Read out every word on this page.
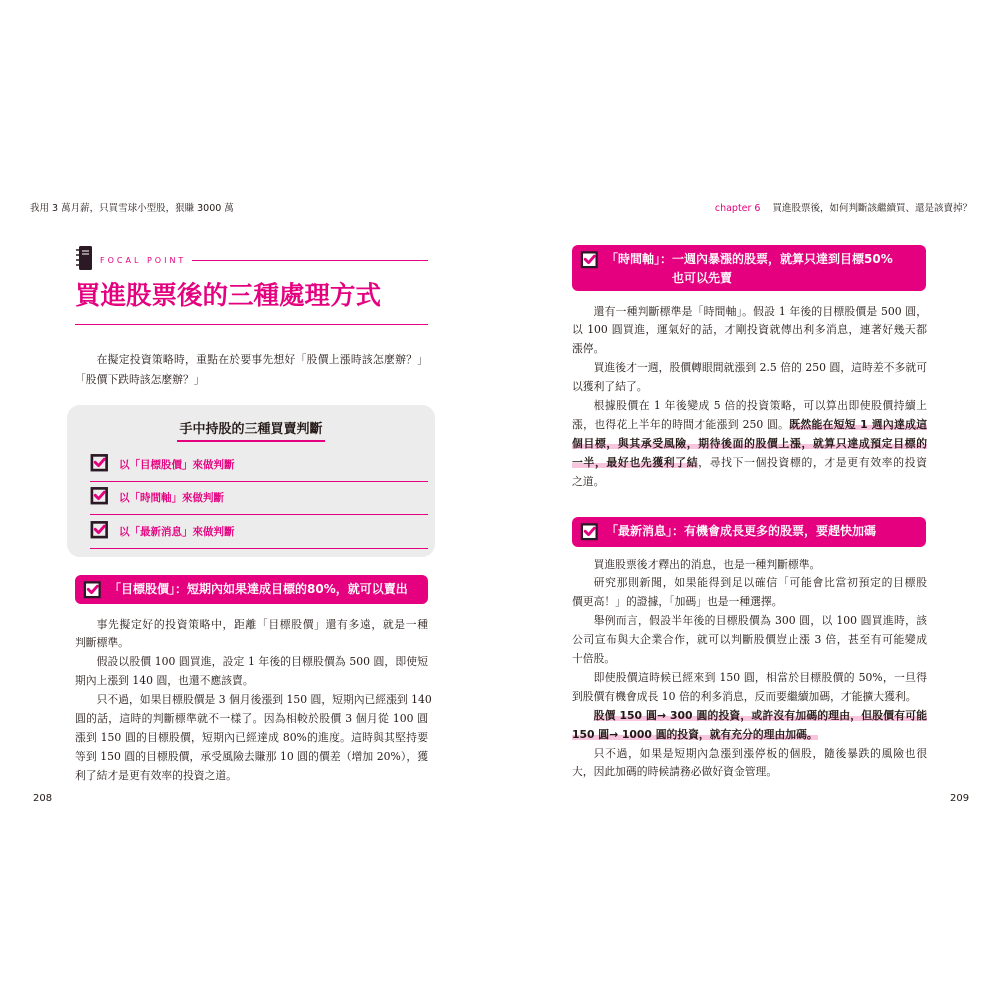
我用 3 萬月薪，只買雪球小型股，狠賺 3000 萬
FOCAL POINT
買進股票後的三種處理方式
在擬定投資策略時，重點在於要事先想好「股價上漲時該怎麼辦？」
「股價下跌時該怎麼辦？」
手中持股的三種買賣判斷
以「目標股價」來做判斷
以「時間軸」來做判斷
以「最新消息」來做判斷
「目標股價」： 短期內如果達成目標的80%，就可以賣出
事先擬定好的投資策略中，距離「目標股價」還有多遠，就是一種
判斷標準。
假設以股價 100 圓買進，設定 1 年後的目標股價為 500 圓，即使短
期內上漲到 140 圓，也還不應該賣。
只不過，如果目標股價是 3 個月後漲到 150 圓，短期內已經漲到 140
圓的話，這時的判斷標準就不一樣了。因為相較於股價 3 個月從 100 圓
漲到 150 圓的目標股價，短期內已經達成 80%的進度。這時與其堅持要
等到 150 圓的目標股價，承受風險去賺那 10 圓的價差（增加 20%），獲
利了結才是更有效率的投資之道。
208
chapter 6 買進股票後，如何判斷該繼續買、還是該賣掉？
「時間軸」： 一週內暴漲的股票，就算只達到目標50%
也可以先賣
還有一種判斷標準是「時間軸」。假設 1 年後的目標股價是 500 圓，
以 100 圓買進，運氣好的話，才剛投資就傳出利多消息，連著好幾天都
漲停。
買進後才一週，股價轉眼間就漲到 2.5 倍的 250 圓，這時差不多就可
以獲利了結了。
根據股價在 1 年後變成 5 倍的投資策略，可以算出即使股價持續上
漲，也得花上半年的時間才能漲到 250 圓。既然能在短短 1 週內達成這
個目標，與其承受風險，期待後面的股價上漲，就算只達成預定目標的
一半，最好也先獲利了結，尋找下一個投資標的，才是更有效率的投資
之道。
「最新消息」： 有機會成長更多的股票，要趕快加碼
買進股票後才釋出的消息，也是一種判斷標準。
研究那則新聞，如果能得到足以確信「可能會比當初預定的目標股
價更高！」的證據，「加碼」也是一種選擇。
舉例而言，假設半年後的目標股價為 300 圓，以 100 圓買進時，該
公司宣布與大企業合作，就可以判斷股價豈止漲 3 倍，甚至有可能變成
十倍股。
即使股價這時候已經來到 150 圓，相當於目標股價的 50%，一旦得
到股價有機會成長 10 倍的利多消息，反而要繼續加碼，才能擴大獲利。
股價 150 圓→ 300 圓的投資，或許沒有加碼的理由，但股價有可能
150 圓→ 1000 圓的投資，就有充分的理由加碼。
只不過，如果是短期內急漲到漲停板的個股，隨後暴跌的風險也很
大，因此加碼的時候請務必做好資金管理。
209
